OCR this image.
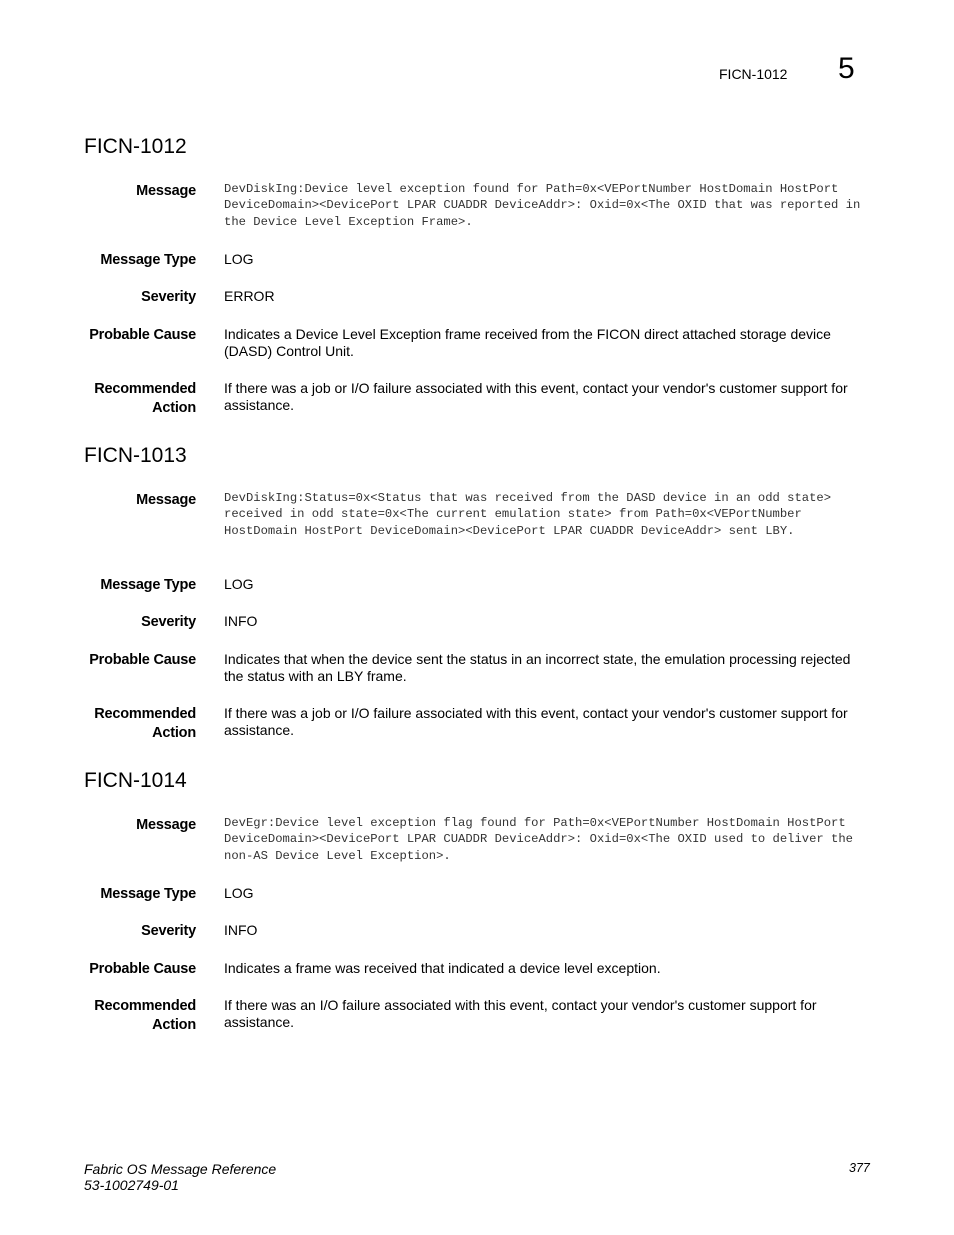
FICN-1012 5
FICN-1012
Message DevDiskIng:Device level exception found for Path=0x<VEPortNumber HostDomain HostPort DeviceDomain><DevicePort LPAR CUADDR DeviceAddr>: Oxid=0x<The OXID that was reported in the Device Level Exception Frame>.
Message Type LOG
Severity ERROR
Probable Cause Indicates a Device Level Exception frame received from the FICON direct attached storage device (DASD) Control Unit.
Recommended
Action
If there was a job or I/O failure associated with this event, contact your vendor's customer support for assistance.
FICN-1013
Message DevDiskIng:Status=0x<Status that was received from the DASD device in an odd state> received in odd state=0x<The current emulation state> from Path=0x<VEPortNumber HostDomain HostPort DeviceDomain><DevicePort LPAR CUADDR DeviceAddr> sent LBY.
Message Type LOG
Severity INFO
Probable Cause Indicates that when the device sent the status in an incorrect state, the emulation processing rejected the status with an LBY frame.
Recommended
Action
If there was a job or I/O failure associated with this event, contact your vendor's customer support for assistance.
FICN-1014
Message DevEgr:Device level exception flag found for Path=0x<VEPortNumber HostDomain HostPort DeviceDomain><DevicePort LPAR CUADDR DeviceAddr>: Oxid=0x<The OXID used to deliver the non-AS Device Level Exception>.
Message Type LOG
Severity INFO
Probable Cause Indicates a frame was received that indicated a device level exception.
Recommended
Action
If there was an I/O failure associated with this event, contact your vendor's customer support for assistance.
Fabric OS Message Reference
53-1002749-01
377
